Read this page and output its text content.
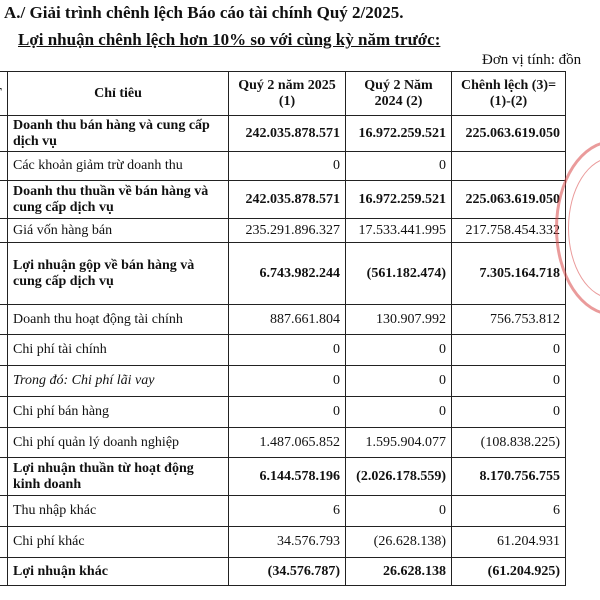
A./ Giải trình chênh lệch Báo cáo tài chính Quý 2/2025.
Lợi nhuận chênh lệch hơn 10% so với cùng kỳ năm trước:
Đơn vị tính: đồn
	Chỉ tiêu	Quý 2 năm 2025 (1)	Quý 2 Năm 2024 (2)	Chênh lệch (3)=(1)-(2)
	Doanh thu bán hàng và cung cấp dịch vụ	242.035.878.571	16.972.259.521	225.063.619.050
	Các khoản giảm trừ doanh thu	0	0	
	Doanh thu thuần về bán hàng và cung cấp dịch vụ	242.035.878.571	16.972.259.521	225.063.619.050
	Giá vốn hàng bán	235.291.896.327	17.533.441.995	217.758.454.332
	Lợi nhuận gộp về bán hàng và cung cấp dịch vụ	6.743.982.244	(561.182.474)	7.305.164.718
	Doanh thu hoạt động tài chính	887.661.804	130.907.992	756.753.812
	Chi phí tài chính	0	0	0
	Trong đó: Chi phí lãi vay	0	0	0
	Chi phí bán hàng	0	0	0
	Chi phí quản lý doanh nghiệp	1.487.065.852	1.595.904.077	(108.838.225)
	Lợi nhuận thuần từ hoạt động kinh doanh	6.144.578.196	(2.026.178.559)	8.170.756.755
	Thu nhập khác	6	0	6
	Chi phí khác	34.576.793	(26.628.138)	61.204.931
	Lợi nhuận khác	(34.576.787)	26.628.138	(61.204.925)
